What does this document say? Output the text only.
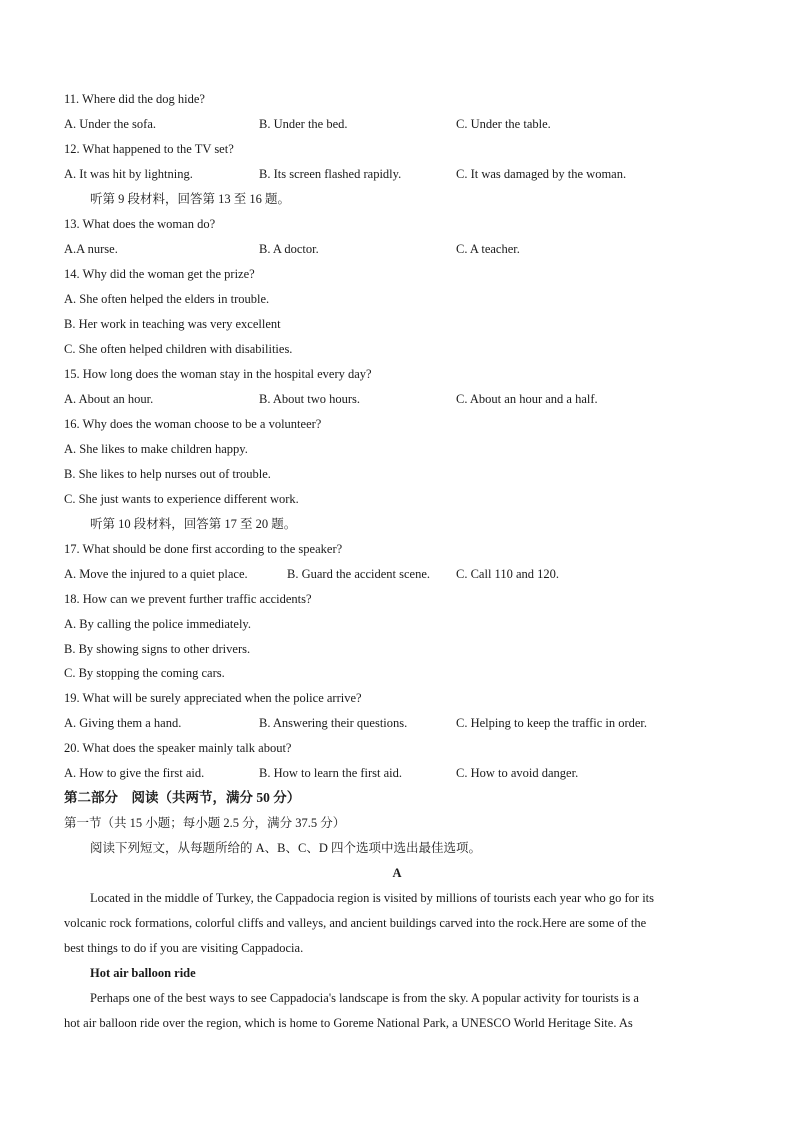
11. Where did the dog hide?
A. Under the sofa.	B. Under the bed.	C. Under the table.
12. What happened to the TV set?
A. It was hit by lightning.	B. Its screen flashed rapidly.	C. It was damaged by the woman.
听第 9 段材料，回答第 13 至 16 题。
13. What does the woman do?
A.A nurse.	B. A doctor.	C. A teacher.
14. Why did the woman get the prize?
A. She often helped the elders in trouble.
B. Her work in teaching was very excellent
C. She often helped children with disabilities.
15. How long does the woman stay in the hospital every day?
A. About an hour.	B. About two hours.	C. About an hour and a half.
16. Why does the woman choose to be a volunteer?
A. She likes to make children happy.
B. She likes to help nurses out of trouble.
C. She just wants to experience different work.
听第 10 段材料，回答第 17 至 20 题。
17. What should be done first according to the speaker?
A. Move the injured to a quiet place.	B. Guard the accident scene. C. Call 110 and 120.
18. How can we prevent further traffic accidents?
A. By calling the police immediately.
B. By showing signs to other drivers.
C. By stopping the coming cars.
19. What will be surely appreciated when the police arrive?
A. Giving them a hand.	B. Answering their questions.	C. Helping to keep the traffic in order.
20. What does the speaker mainly talk about?
A. How to give the first aid.	B. How to learn the first aid.	C. How to avoid danger.
第二部分    阅读（共两节，满分 50 分）
第一节（共 15 小题；每小题 2.5 分，满分 37.5 分）
阅读下列短文，从每题所给的 A、B、C、D 四个选项中选出最佳选项。
A
Located in the middle of Turkey, the Cappadocia region is visited by millions of tourists each year who go for its
volcanic rock formations, colorful cliffs and valleys, and ancient buildings carved into the rock.Here are some of the
best things to do if you are visiting Cappadocia.
Hot air balloon ride
Perhaps one of the best ways to see Cappadocia's landscape is from the sky. A popular activity for tourists is a
hot air balloon ride over the region, which is home to Goreme National Park, a UNESCO World Heritage Site. As
